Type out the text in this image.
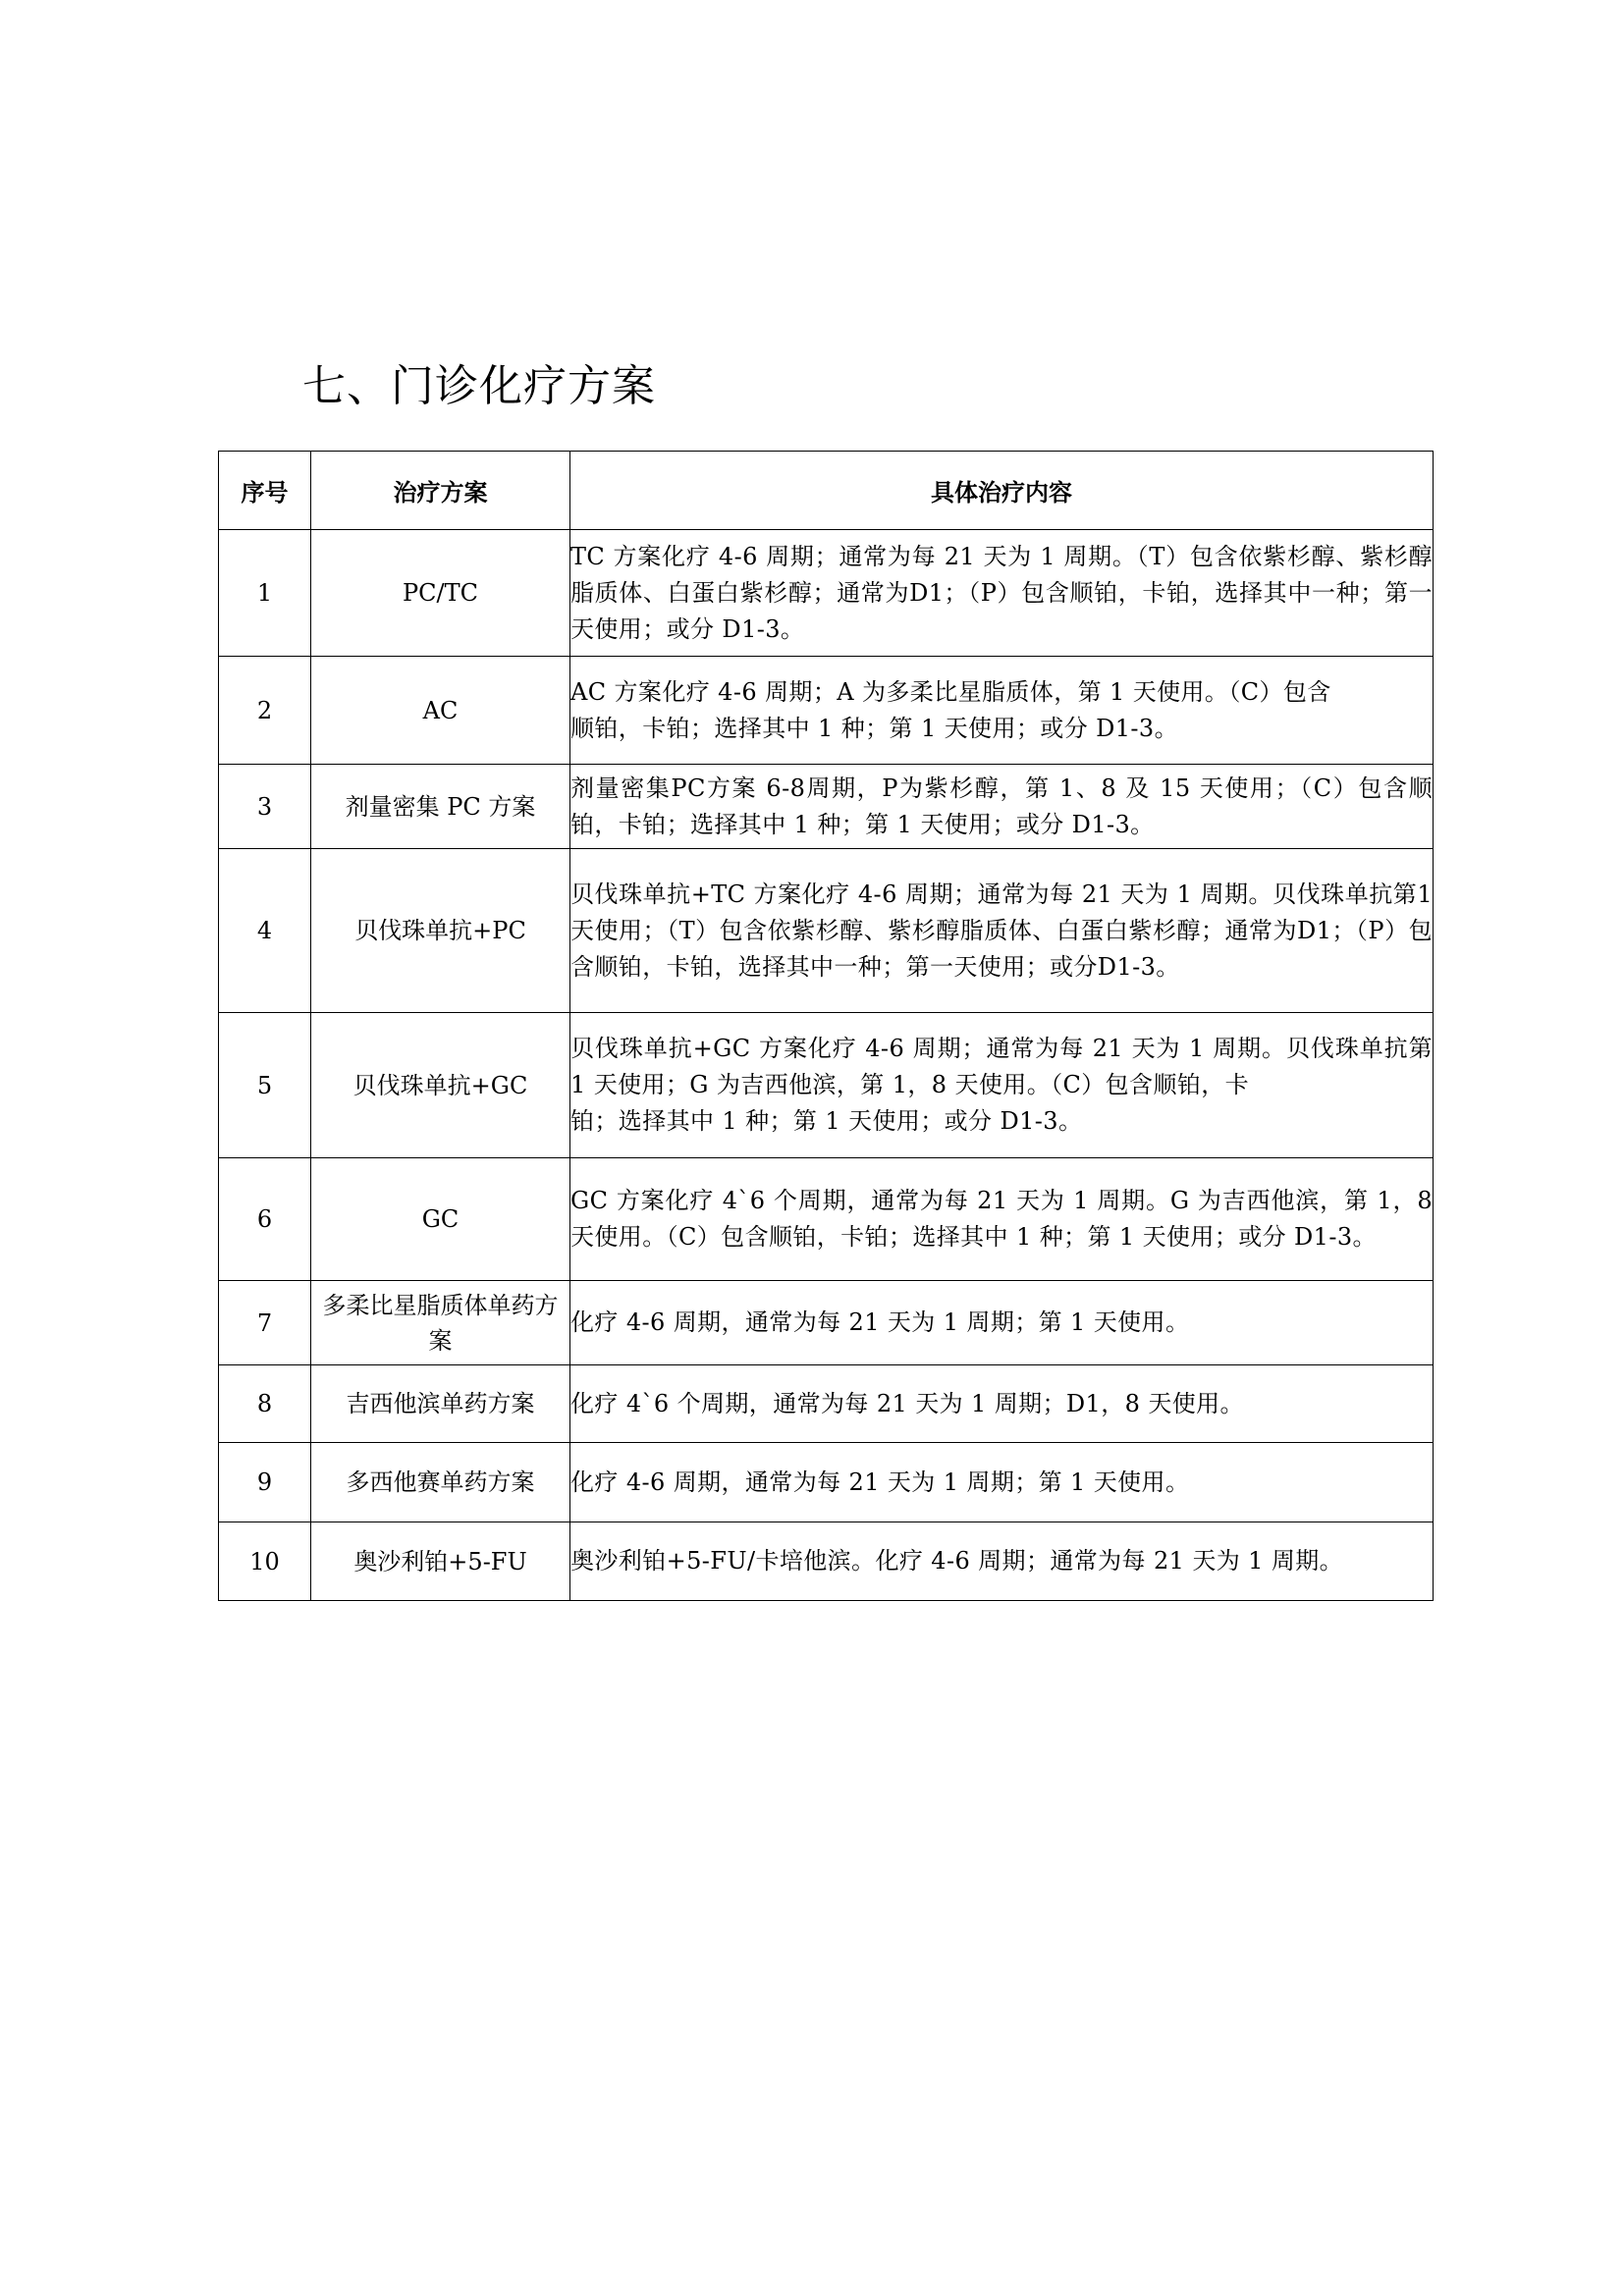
七、门诊化疗方案
序号	治疗方案	具体治疗内容
1	PC/TC	TC 方案化疗 4-6 周期；通常为每 21 天为 1 周期。（T）包含依紫杉醇、紫杉醇脂质体、白蛋白紫杉醇；通常为D1；（P）包含顺铂，卡铂，选择其中一种；第一天使用；或分 D1-3。
2	AC	AC 方案化疗 4-6 周期；A 为多柔比星脂质体，第 1 天使用。（C）包含
顺铂，卡铂；选择其中 1 种；第 1 天使用；或分 D1-3。
3	剂量密集 PC 方案	剂量密集PC方案 6-8周期，P为紫杉醇，第 1、8 及 15 天使用；（C）包含顺铂，卡铂；选择其中 1 种；第 1 天使用；或分 D1-3。
4	贝伐珠单抗+PC	贝伐珠单抗+TC 方案化疗 4-6 周期；通常为每 21 天为 1 周期。贝伐珠单抗第1天使用；（T）包含依紫杉醇、紫杉醇脂质体、白蛋白紫杉醇；通常为D1；（P）包含顺铂，卡铂，选择其中一种；第一天使用；或分D1-3。
5	贝伐珠单抗+GC	贝伐珠单抗+GC 方案化疗 4-6 周期；通常为每 21 天为 1 周期。贝伐珠单抗第 1 天使用；G 为吉西他滨，第 1，8 天使用。（C）包含顺铂，卡
铂；选择其中 1 种；第 1 天使用；或分 D1-3。
6	GC	GC 方案化疗 4`6 个周期，通常为每 21 天为 1 周期。G 为吉西他滨，第 1，8 天使用。（C）包含顺铂，卡铂；选择其中 1 种；第 1 天使用；或分 D1-3。
7	多柔比星脂质体单药方案	化疗 4-6 周期，通常为每 21 天为 1 周期；第 1 天使用。
8	吉西他滨单药方案	化疗 4`6 个周期，通常为每 21 天为 1 周期；D1，8 天使用。
9	多西他赛单药方案	化疗 4-6 周期，通常为每 21 天为 1 周期；第 1 天使用。
10	奥沙利铂+5-FU	奥沙利铂+5-FU/卡培他滨。化疗 4-6 周期；通常为每 21 天为 1 周期。
